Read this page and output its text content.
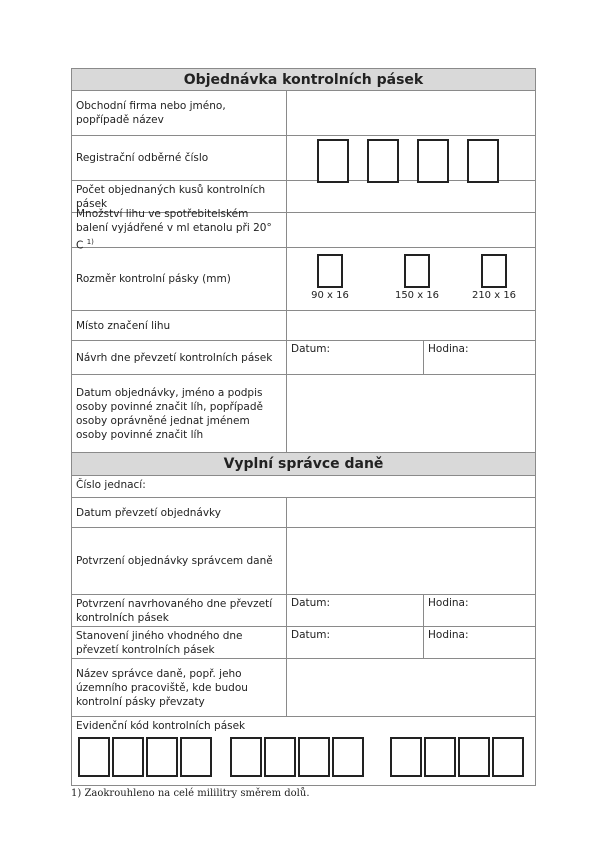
Objednávka kontrolních pásek
Obchodní firma nebo jméno, popřípadě název
Registrační odběrné číslo
Počet objednaných kusů kontrolních pásek
Množství lihu ve spotřebitelském balení vyjádřené v ml etanolu při 20° C $^{1)}$
Rozměr kontrolní pásky (mm)
90 x 16	150 x 16	210 x 16
Místo značení lihu
Návrh dne převzetí kontrolních pásek
Datum:	Hodina:
Datum objednávky, jméno a podpis osoby povinné značit líh, popřípadě osoby oprávněné jednat jménem osoby povinné značit líh
Vyplní správce daně
Číslo jednací:
Datum převzetí objednávky
Potvrzení objednávky správcem daně
Potvrzení navrhovaného dne převzetí kontrolních pásek
Datum:	Hodina:
Stanovení jiného vhodného dne převzetí kontrolních pásek
Datum:	Hodina:
Název správce daně, popř. jeho územního pracoviště, kde budou kontrolní pásky převzaty
Evidenční kód kontrolních pásek
1) Zaokrouhleno na celé mililitry směrem dolů.
